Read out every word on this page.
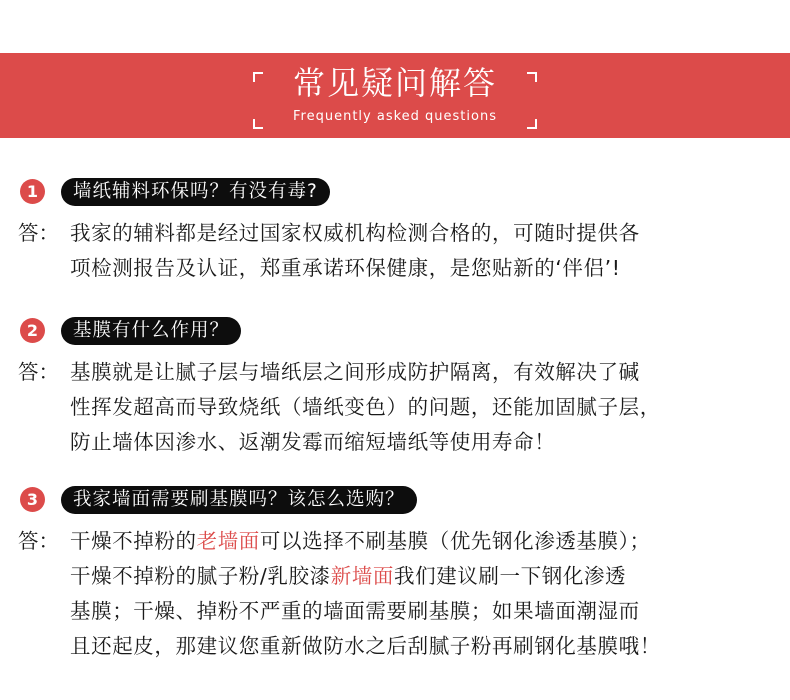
常见疑问解答
Frequently asked questions
1	墙纸辅料环保吗？有没有毒?
答： 我家的辅料都是经过国家权威机构检测合格的，可随时提供各
项检测报告及认证，郑重承诺环保健康，是您贴新的‘伴侣’!
2	基膜有什么作用？
答： 基膜就是让腻子层与墙纸层之间形成防护隔离，有效解决了碱
性挥发超高而导致烧纸（墙纸变色）的问题，还能加固腻子层，
防止墙体因渗水、返潮发霉而缩短墙纸等使用寿命！
3	我家墙面需要刷基膜吗？该怎么选购？
答： 干燥不掉粉的老墙面可以选择不刷基膜（优先钢化渗透基膜）；
干燥不掉粉的腻子粉/乳胶漆新墙面我们建议刷一下钢化渗透
基膜；干燥、掉粉不严重的墙面需要刷基膜；如果墙面潮湿而
且还起皮，那建议您重新做防水之后刮腻子粉再刷钢化基膜哦！
